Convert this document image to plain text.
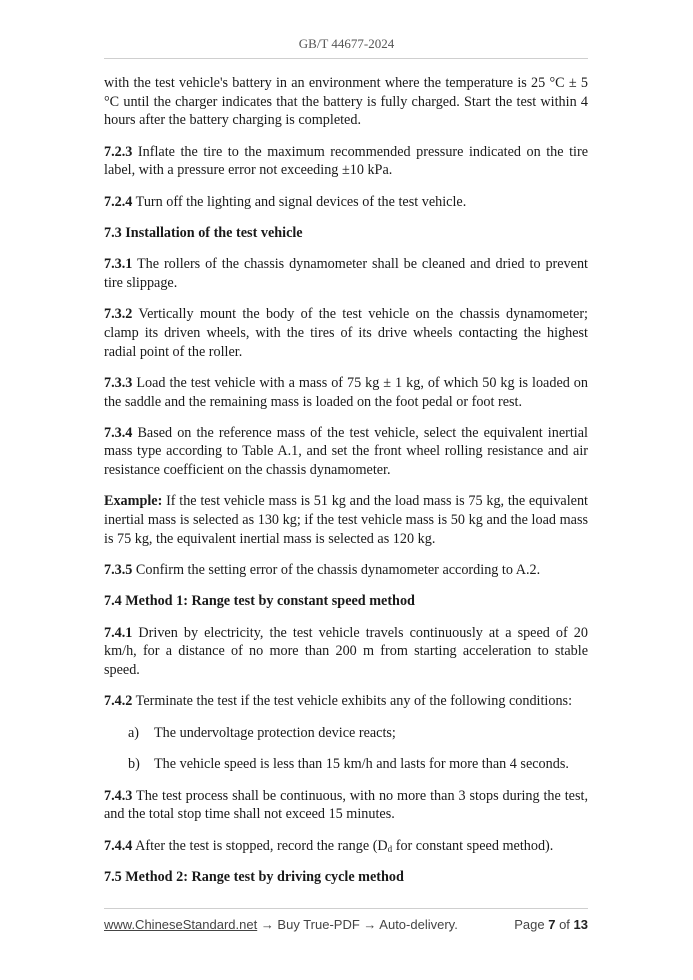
GB/T 44677-2024

with the test vehicle's battery in an environment where the temperature is 25 °C ± 5 °C until the charger indicates that the battery is fully charged. Start the test within 4 hours after the battery charging is completed.

7.2.3 Inflate the tire to the maximum recommended pressure indicated on the tire label, with a pressure error not exceeding ±10 kPa.

7.2.4 Turn off the lighting and signal devices of the test vehicle.

7.3 Installation of the test vehicle

7.3.1 The rollers of the chassis dynamometer shall be cleaned and dried to prevent tire slippage.

7.3.2 Vertically mount the body of the test vehicle on the chassis dynamometer; clamp its driven wheels, with the tires of its drive wheels contacting the highest radial point of the roller.

7.3.3 Load the test vehicle with a mass of 75 kg ± 1 kg, of which 50 kg is loaded on the saddle and the remaining mass is loaded on the foot pedal or foot rest.

7.3.4 Based on the reference mass of the test vehicle, select the equivalent inertial mass type according to Table A.1, and set the front wheel rolling resistance and air resistance coefficient on the chassis dynamometer.

Example: If the test vehicle mass is 51 kg and the load mass is 75 kg, the equivalent inertial mass is selected as 130 kg; if the test vehicle mass is 50 kg and the load mass is 75 kg, the equivalent inertial mass is selected as 120 kg.

7.3.5 Confirm the setting error of the chassis dynamometer according to A.2.

7.4 Method 1: Range test by constant speed method

7.4.1 Driven by electricity, the test vehicle travels continuously at a speed of 20 km/h, for a distance of no more than 200 m from starting acceleration to stable speed.

7.4.2 Terminate the test if the test vehicle exhibits any of the following conditions:

a) The undervoltage protection device reacts;

b) The vehicle speed is less than 15 km/h and lasts for more than 4 seconds.

7.4.3 The test process shall be continuous, with no more than 3 stops during the test, and the total stop time shall not exceed 15 minutes.

7.4.4 After the test is stopped, record the range ($D_d$ for constant speed method).

7.5 Method 2: Range test by driving cycle method

www.ChineseStandard.net → Buy True-PDF → Auto-delivery.	Page 7 of 13
